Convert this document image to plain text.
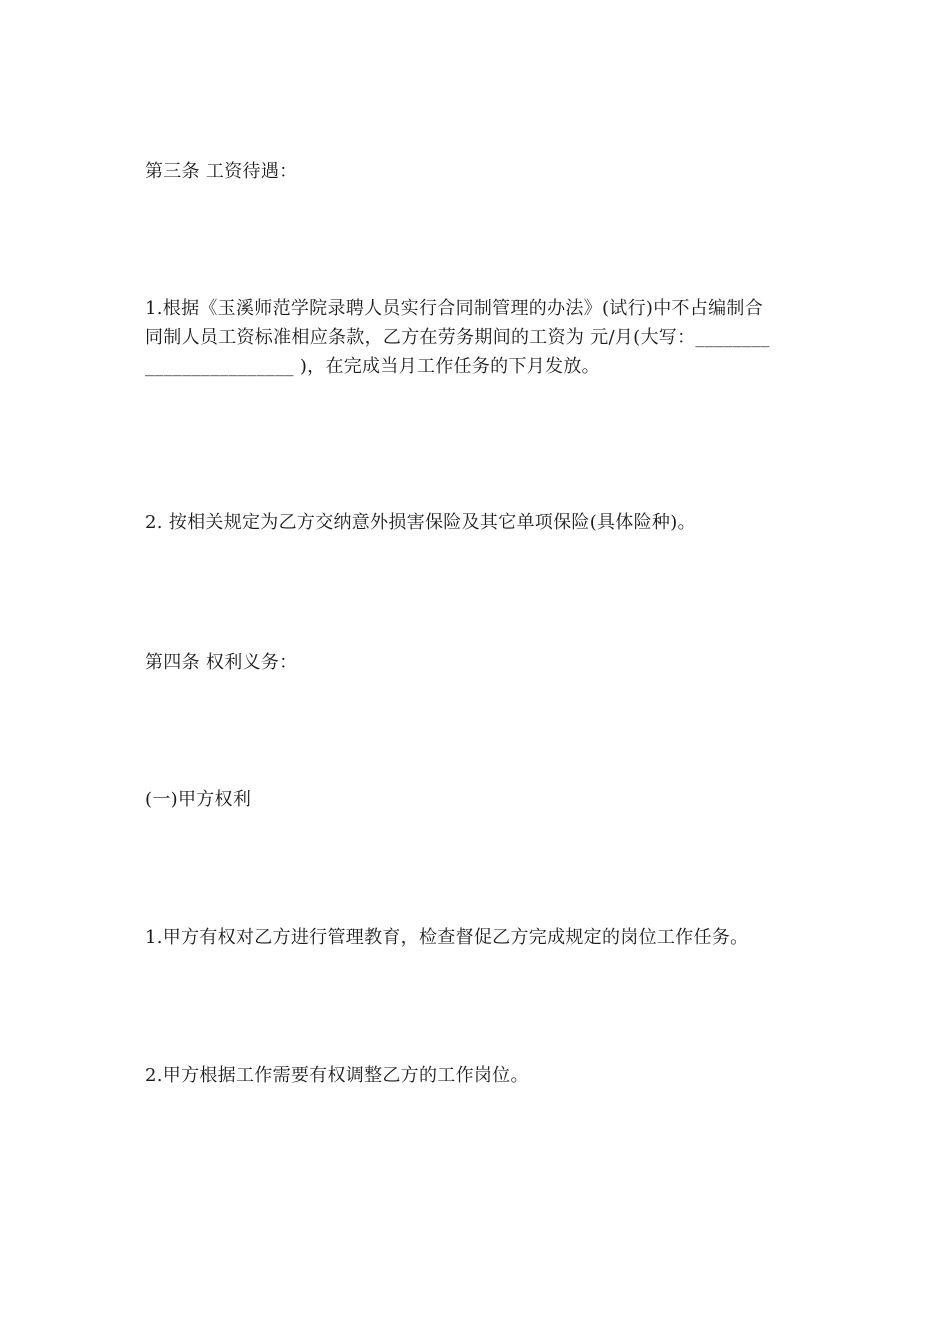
第三条 工资待遇：

1.根据《玉溪师范学院录聘人员实行合同制管理的办法》(试行)中不占编制合
同制人员工资标准相应条款，乙方在劳务期间的工资为 元/月(大写：________
________________ )，在完成当月工作任务的下月发放。

2. 按相关规定为乙方交纳意外损害保险及其它单项保险(具体险种)。

第四条 权利义务：

(一)甲方权利

1.甲方有权对乙方进行管理教育，检查督促乙方完成规定的岗位工作任务。

2.甲方根据工作需要有权调整乙方的工作岗位。
